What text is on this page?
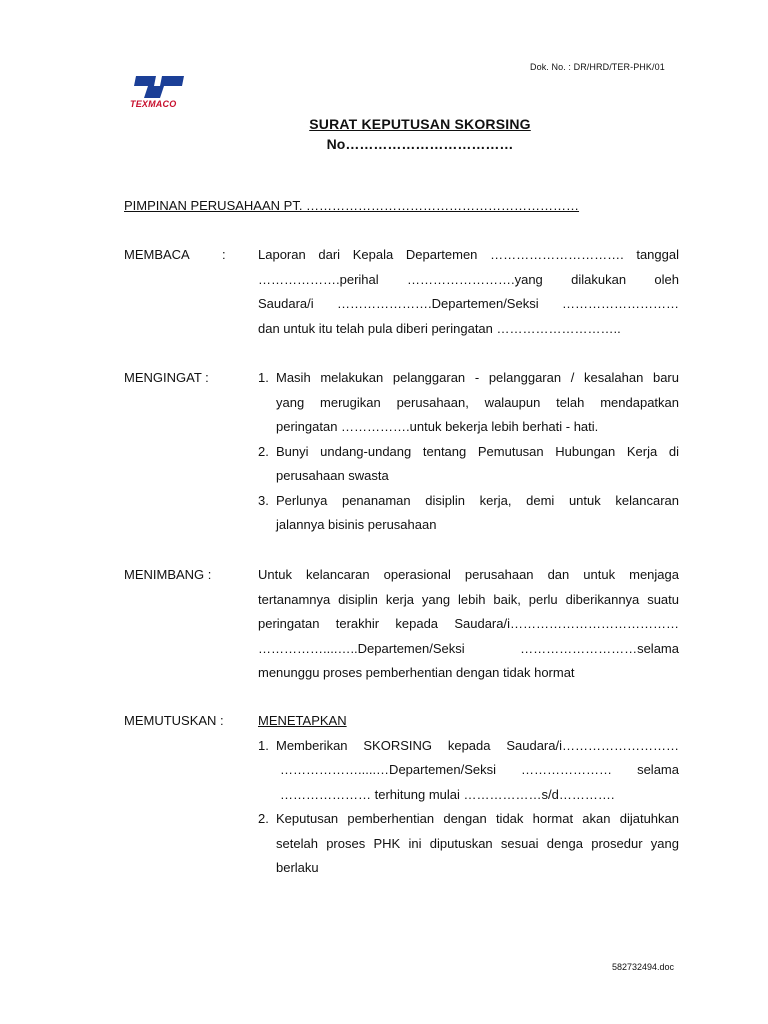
Dok. No. : DR/HRD/TER-PHK/01
TEXMACO
SURAT KEPUTUSAN SKORSING
No………………………………
PIMPINAN PERUSAHAAN PT. ………………………………………………………
MEMBACA : Laporan dari Kepala Departemen …………………………. tanggal

……………….perihal …………………….yang dilakukan oleh

Saudara/i ………………….Departemen/Seksi ………………………

dan untuk itu telah pula diberi peringatan ………………………..

MENGINGAT :	1. Masih melakukan pelanggaran - pelanggaran / kesalahan baru

yang merugikan perusahaan, walaupun telah mendapatkan

peringatan …………….untuk bekerja lebih berhati - hati.

2. Bunyi undang-undang tentang Pemutusan Hubungan Kerja di

perusahaan swasta

3. Perlunya penanaman disiplin kerja, demi untuk kelancaran

jalannya bisinis perusahaan

MENIMBANG :	Untuk kelancaran operasional perusahaan dan untuk menjaga

tertanamnya disiplin kerja yang lebih baik, perlu diberikannya suatu

peringatan terakhir kepada Saudara/i…………………………………

……………....…..Departemen/Seksi ………………………selama

menunggu proses pemberhentian dengan tidak hormat

MEMUTUSKAN :	MENETAPKAN

1. Memberikan SKORSING kepada Saudara/i………………………

……………….....…Departemen/Seksi ………………… selama

………………… terhitung mulai ………………s/d………….

2. Keputusan pemberhentian dengan tidak hormat akan dijatuhkan

setelah proses PHK ini diputuskan sesuai denga prosedur yang

berlaku

582732494.doc
